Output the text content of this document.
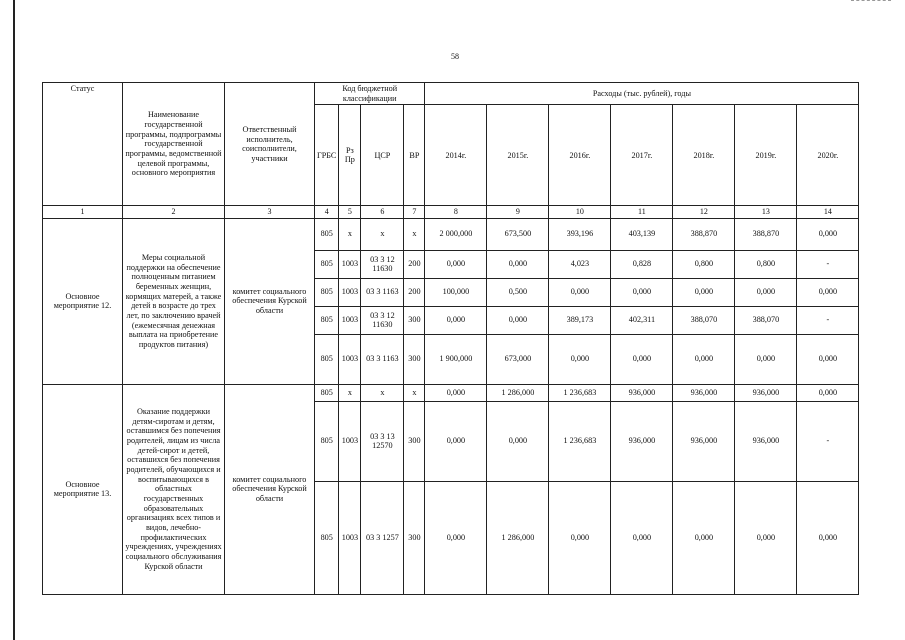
58
Статус	Наименование государственной программы, подпрограммы государственной программы, ведомственной целевой программы, основного мероприятия	Ответственный исполнитель, соисполнители, участники	Код бюджетной классификации				Расходы (тыс. рублей), годы						
			ГРБС	Рз Пр	ЦСР	ВР	2014г.	2015г.	2016г.	2017г.	2018г.	2019г.	2020г.
1	2	3	4	5	6	7	8	9	10	11	12	13	14
Основное мероприятие 12.	Меры социальной поддержки на обеспечение полноценным питанием беременных женщин, кормящих матерей, а также детей в возрасте до трех лет, по заключению врачей (ежемесячная денежная выплата на приобретение продуктов питания)	комитет социального обеспечения Курской области	805	х	х	х	2 000,000	673,500	393,196	403,139	388,870	388,870	0,000
			805	1003	03 3 12 11630	200	0,000	0,000	4,023	0,828	0,800	0,800	-
			805	1003	03 3 1163	200	100,000	0,500	0,000	0,000	0,000	0,000	0,000
			805	1003	03 3 12 11630	300	0,000	0,000	389,173	402,311	388,070	388,070	-
			805	1003	03 3 1163	300	1 900,000	673,000	0,000	0,000	0,000	0,000	0,000
Основное мероприятие 13.	Оказание поддержки детям-сиротам и детям, оставшимся без попечения родителей, лицам из числа детей-сирот и детей, оставшихся без попечения родителей, обучающихся и воспитывающихся в областных государственных образовательных организациях всех типов и видов, лечебно-профилактических учреждениях, учреждениях социального обслуживания Курской области	комитет социального обеспечения Курской области	805	х	х	х	0,000	1 286,000	1 236,683	936,000	936,000	936,000	0,000
			805	1003	03 3 13 12570	300	0,000	0,000	1 236,683	936,000	936,000	936,000	-
			805	1003	03 3 1257	300	0,000	1 286,000	0,000	0,000	0,000	0,000	0,000
